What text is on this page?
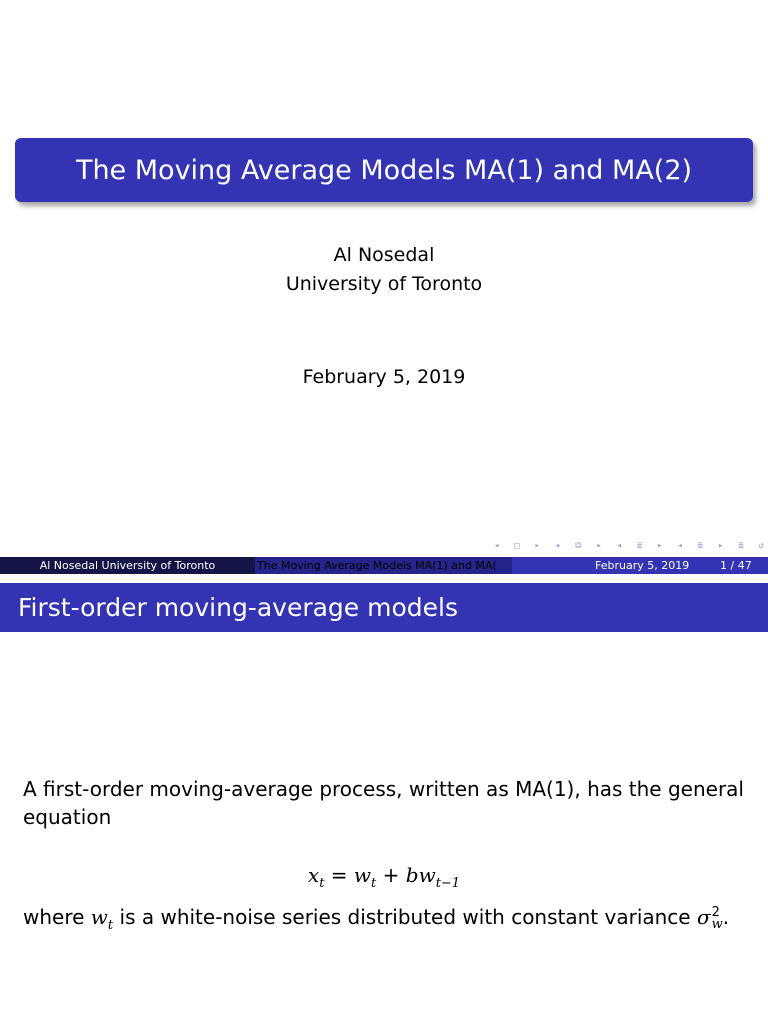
The Moving Average Models MA(1) and MA(2)
Al Nosedal
University of Toronto
February 5, 2019
◂ □ ▸ ◂ ⧉ ▸ ◂ ≣ ▸ ◂ ≣ ▸ ≣ ↺
Al Nosedal University of Toronto	The Moving Average Models MA(1) and MA(	February 5, 2019	1 / 47
First-order moving-average models
A first-order moving-average process, written as MA(1), has the general equation
$x_t = w_t + bw_{t-1}$
where $w_t$ is a white-noise series distributed with constant variance σ 2
w .
